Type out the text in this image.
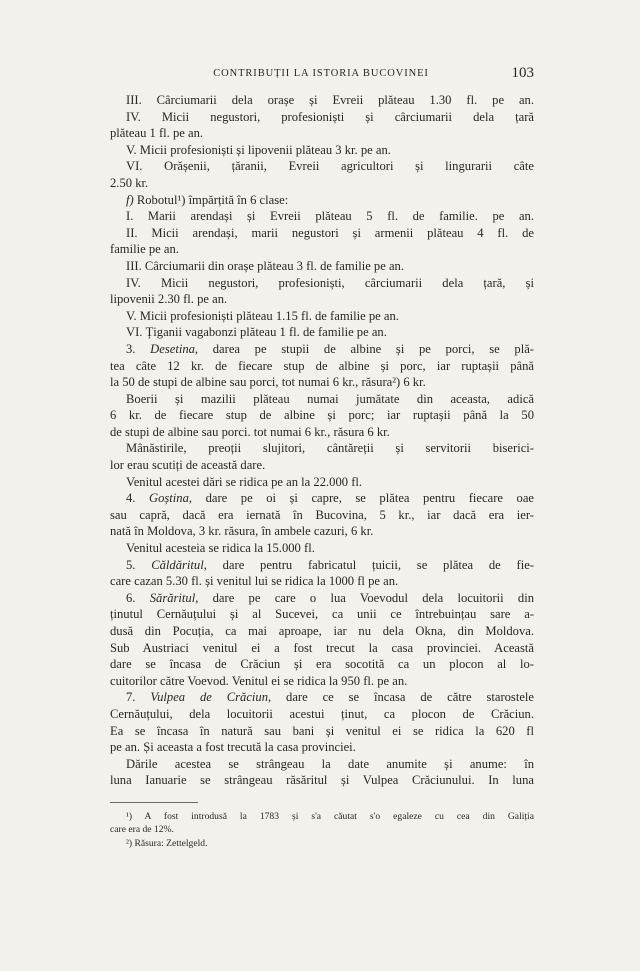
CONTRIBUȚII LA ISTORIA BUCOVINEI	103
III. Cârciumarii dela orașe și Evreii plăteau 1.30 fl. pe an.
IV. Micii negustori, profesioniști și cârciumarii dela țară
plăteau 1 fl. pe an.
V. Micii profesioniști și lipovenii plăteau 3 kr. pe an.
VI. Orășenii, țăranii, Evreii agricultori și lingurarii câte
2.50 kr.
f) Robotul¹) împărțită în 6 clase:
I. Marii arendași și Evreii plăteau 5 fl. de familie. pe an.
II. Micii arendași, marii negustori și armenii plăteau 4 fl. de
familie pe an.
III. Cârciumarii din orașe plăteau 3 fl. de familie pe an.
IV. Micii negustori, profesioniști, cârciumarii dela țară, și
lipovenii 2.30 fl. pe an.
V. Micii profesioniști plăteau 1.15 fl. de familie pe an.
VI. Țiganii vagabonzi plăteau 1 fl. de familie pe an.
3. Desetina, darea pe stupii de albine și pe porci, se plă-
tea câte 12 kr. de fiecare stup de albine și porc, iar ruptașii până
la 50 de stupi de albine sau porci, tot numai 6 kr., răsura²) 6 kr.
Boerii și mazilii plăteau numai jumătate din aceasta, adică
6 kr. de fiecare stup de albine și porc; iar ruptașii până la 50
de stupi de albine sau porci. tot numai 6 kr., răsura 6 kr.
Mânăstirile, preoții slujitori, cântăreții și servitorii biserici-
lor erau scutiți de această dare.
Venitul acestei dări se ridica pe an la 22.000 fl.
4. Goștina, dare pe oi și capre, se plătea pentru fiecare oae
sau capră, dacă era iernată în Bucovina, 5 kr., iar dacă era ier-
nată în Moldova, 3 kr. răsura, în ambele cazuri, 6 kr.
Venitul acesteia se ridica la 15.000 fl.
5. Căldăritul, dare pentru fabricatul țuicii, se plătea de fie-
care cazan 5.30 fl. și venitul lui se ridica la 1000 fl pe an.
6. Sărăritul, dare pe care o lua Voevodul dela locuitorii din
ținutul Cernăuțului și al Sucevei, ca unii ce întrebuințau sare a-
dusă din Pocuția, ca mai aproape, iar nu dela Okna, din Moldova.
Sub Austriaci venitul ei a fost trecut la casa provinciei. Această
dare se încasa de Crăciun și era socotită ca un plocon al lo-
cuitorilor către Voevod. Venitul ei se ridica la 950 fl. pe an.
7. Vulpea de Crăciun, dare ce se încasa de către starostele
Cernăuțului, dela locuitorii acestui ținut, ca plocon de Crăciun.
Ea se încasa în natură sau bani și venitul ei se ridica la 620 fl
pe an. Și aceasta a fost trecută la casa provinciei.
Dările acestea se strângeau la date anumite și anume: în
luna Ianuarie se strângeau răsăritul și Vulpea Crăciunului. In luna
¹) A fost introdusă la 1783 și s'a căutat s'o egaleze cu cea din Galiția
care era de 12%.
²) Răsura: Zettelgeld.
